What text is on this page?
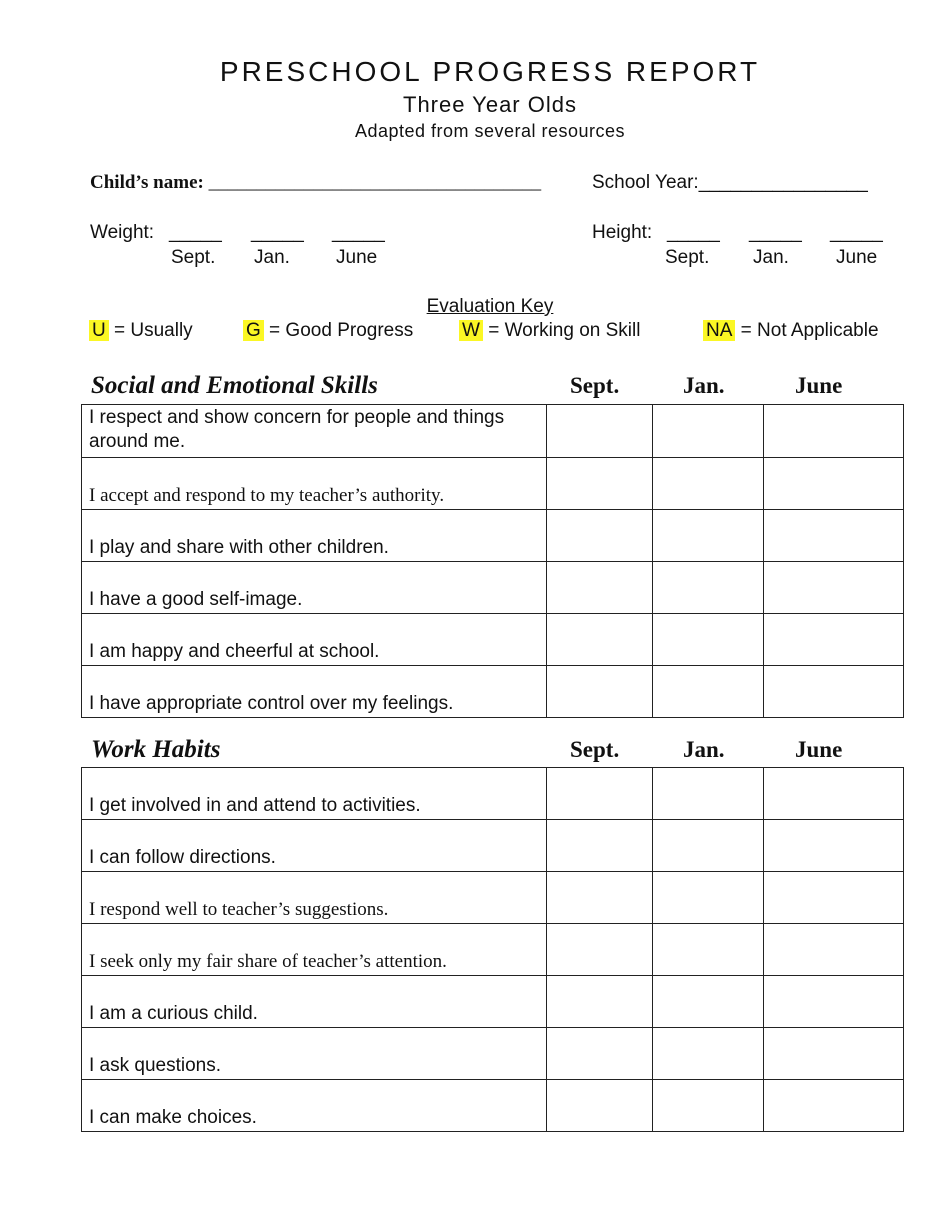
PRESCHOOL PROGRESS REPORT
Three Year Olds
Adapted from several resources
Child’s name: ___________________________________	School Year:________________
Weight: _____ _____ _____
Sept. Jan. June
Height: _____ _____ _____
Sept. Jan. June
Evaluation Key
U = Usually	G = Good Progress	W = Working on Skill	NA = Not Applicable
Social and Emotional Skills	Sept.	Jan.	June
I respect and show concern for people and things around me.			
I accept and respond to my teacher’s authority.			
I play and share with other children.			
I have a good self-image.			
I am happy and cheerful at school.			
I have appropriate control over my feelings.			
Work Habits	Sept.	Jan.	June
I get involved in and attend to activities.			
I can follow directions.			
I respond well to teacher’s suggestions.			
I seek only my fair share of teacher’s attention.			
I am a curious child.			
I ask questions.			
I can make choices.			
